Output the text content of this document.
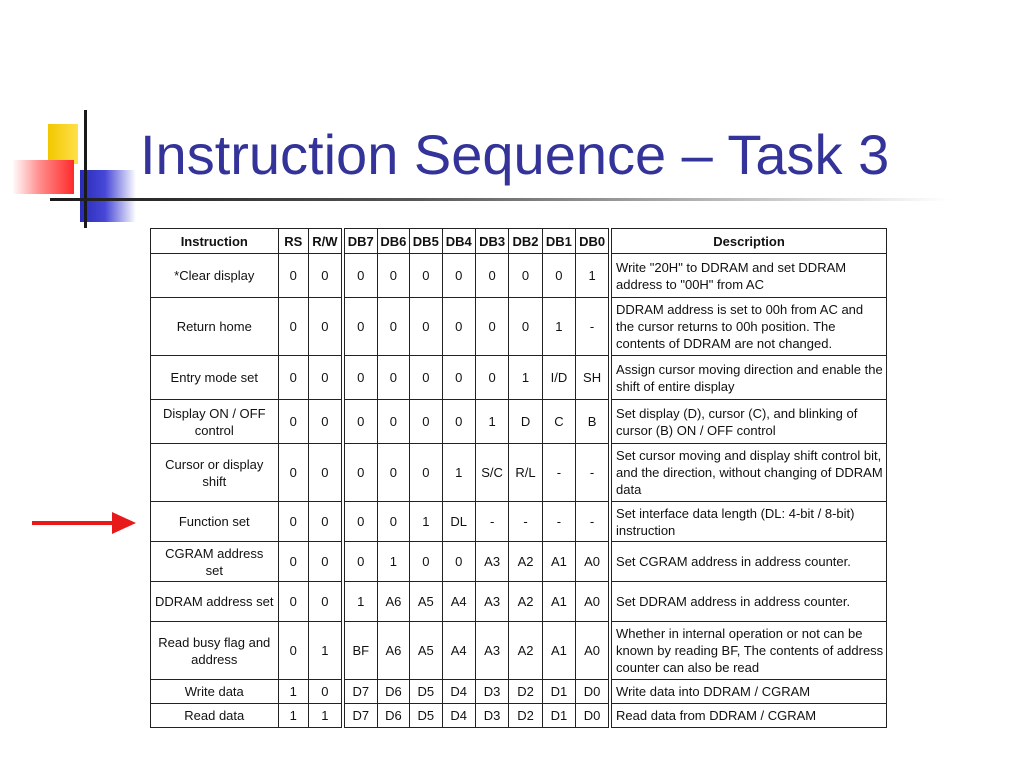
Instruction Sequence – Task 3
Instruction	RS	R/W	DB7	DB6	DB5	DB4	DB3	DB2	DB1	DB0	Description
*Clear display	0	0	0	0	0	0	0	0	0	1	Write "20H" to DDRAM and set DDRAM address to "00H" from AC
Return home	0	0	0	0	0	0	0	0	1	-	DDRAM address is set to 00h from AC and the cursor returns to 00h position. The contents of DDRAM are not changed.
Entry mode set	0	0	0	0	0	0	0	1	I/D	SH	Assign cursor moving direction and enable the shift of entire display
Display ON / OFF control	0	0	0	0	0	0	1	D	C	B	Set display (D), cursor (C), and blinking of cursor (B) ON / OFF control
Cursor or display shift	0	0	0	0	0	1	S/C	R/L	-	-	Set cursor moving and display shift control bit, and the direction, without changing of DDRAM data
Function set	0	0	0	0	1	DL	-	-	-	-	Set interface data length (DL: 4-bit / 8-bit) instruction
CGRAM address set	0	0	0	1	0	0	A3	A2	A1	A0	Set CGRAM address in address counter.
DDRAM address set	0	0	1	A6	A5	A4	A3	A2	A1	A0	Set DDRAM address in address counter.
Read busy flag and address	0	1	BF	A6	A5	A4	A3	A2	A1	A0	Whether in internal operation or not can be known by reading BF, The contents of address counter can also be read
Write data	1	0	D7	D6	D5	D4	D3	D2	D1	D0	Write data into DDRAM / CGRAM
Read data	1	1	D7	D6	D5	D4	D3	D2	D1	D0	Read data from DDRAM / CGRAM
